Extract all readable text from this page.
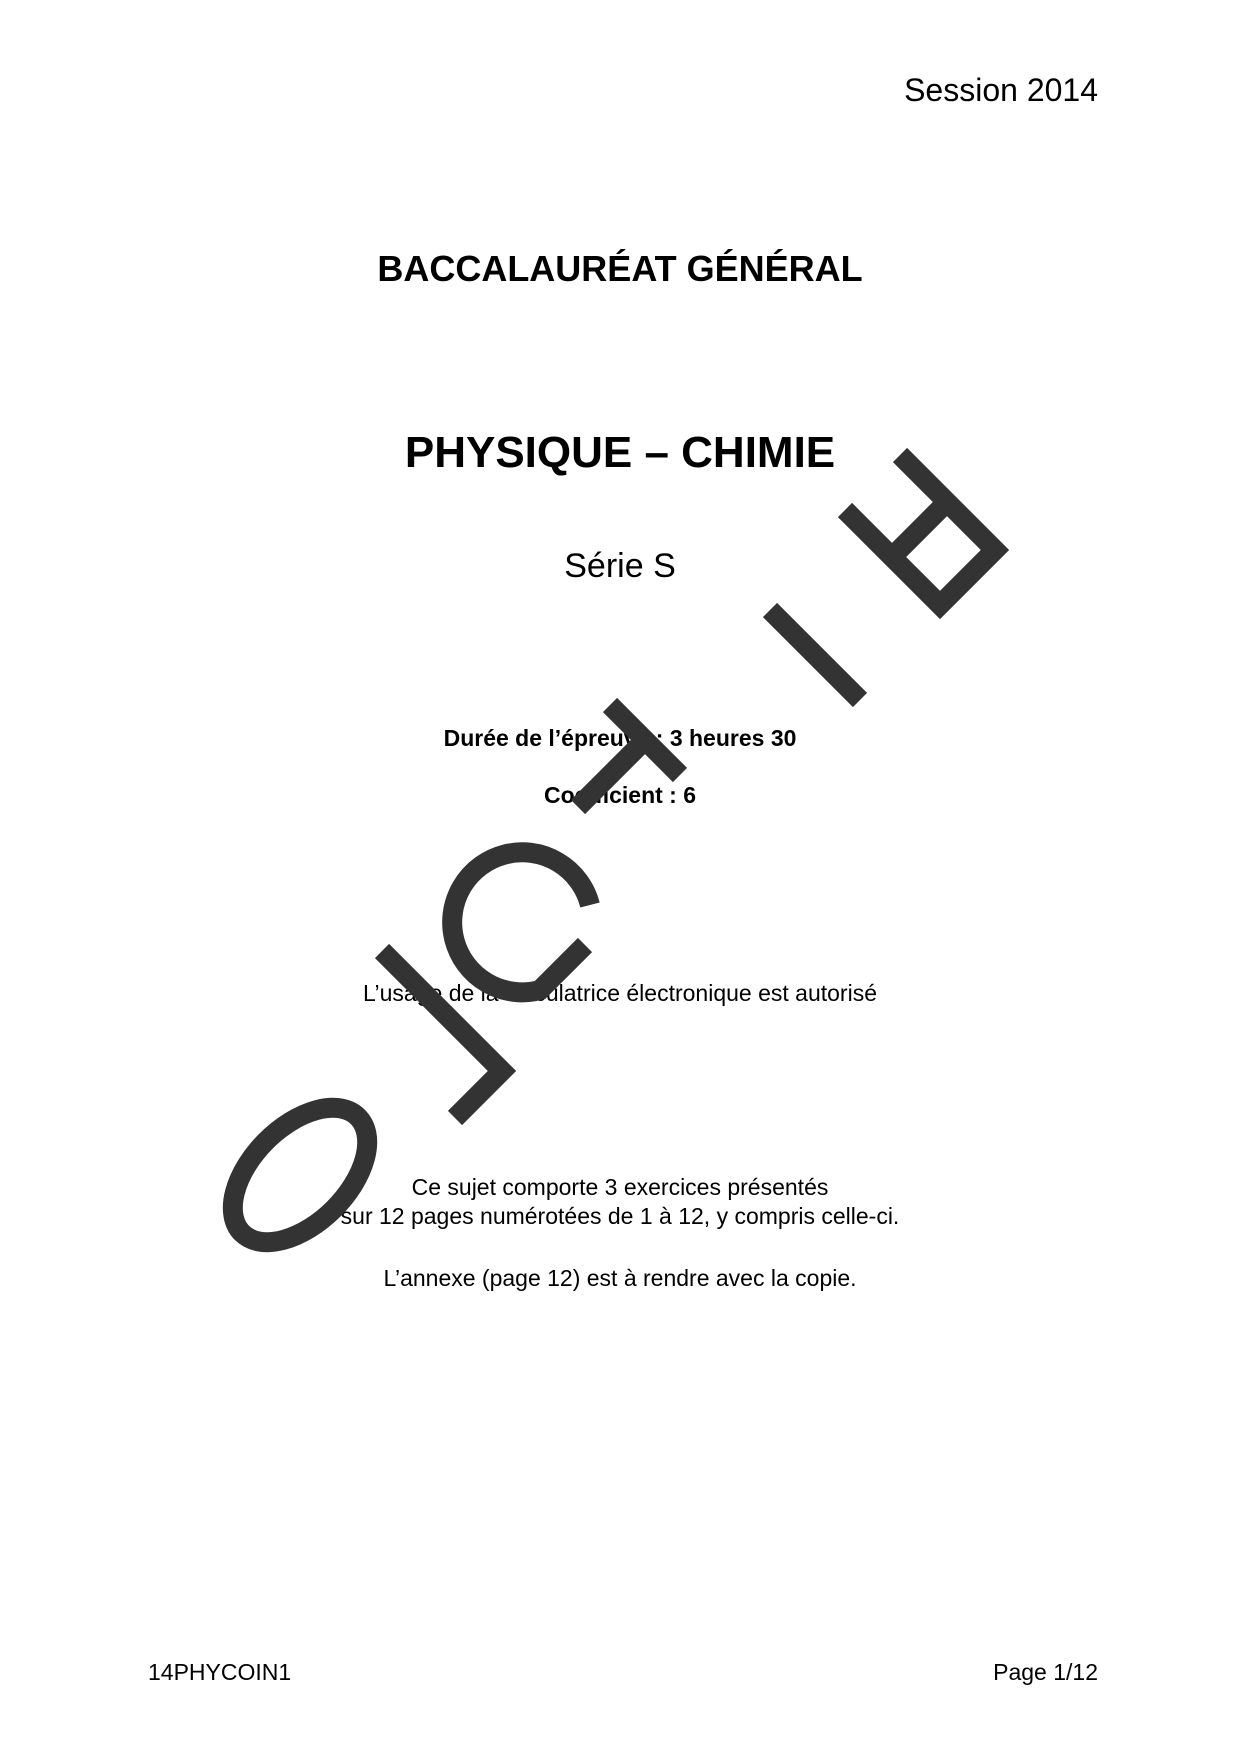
Session 2014
BACCALAURÉAT GÉNÉRAL
PHYSIQUE – CHIMIE
Série S
Durée de l’épreuve : 3 heures 30
Coefficient : 6
L’usage de la calculatrice électronique est autorisé
Ce sujet comporte 3 exercices présentés
sur 12 pages numérotées de 1 à 12, y compris celle-ci.
L’annexe (page 12) est à rendre avec la copie.
14PHYCOIN1	Page 1/12
